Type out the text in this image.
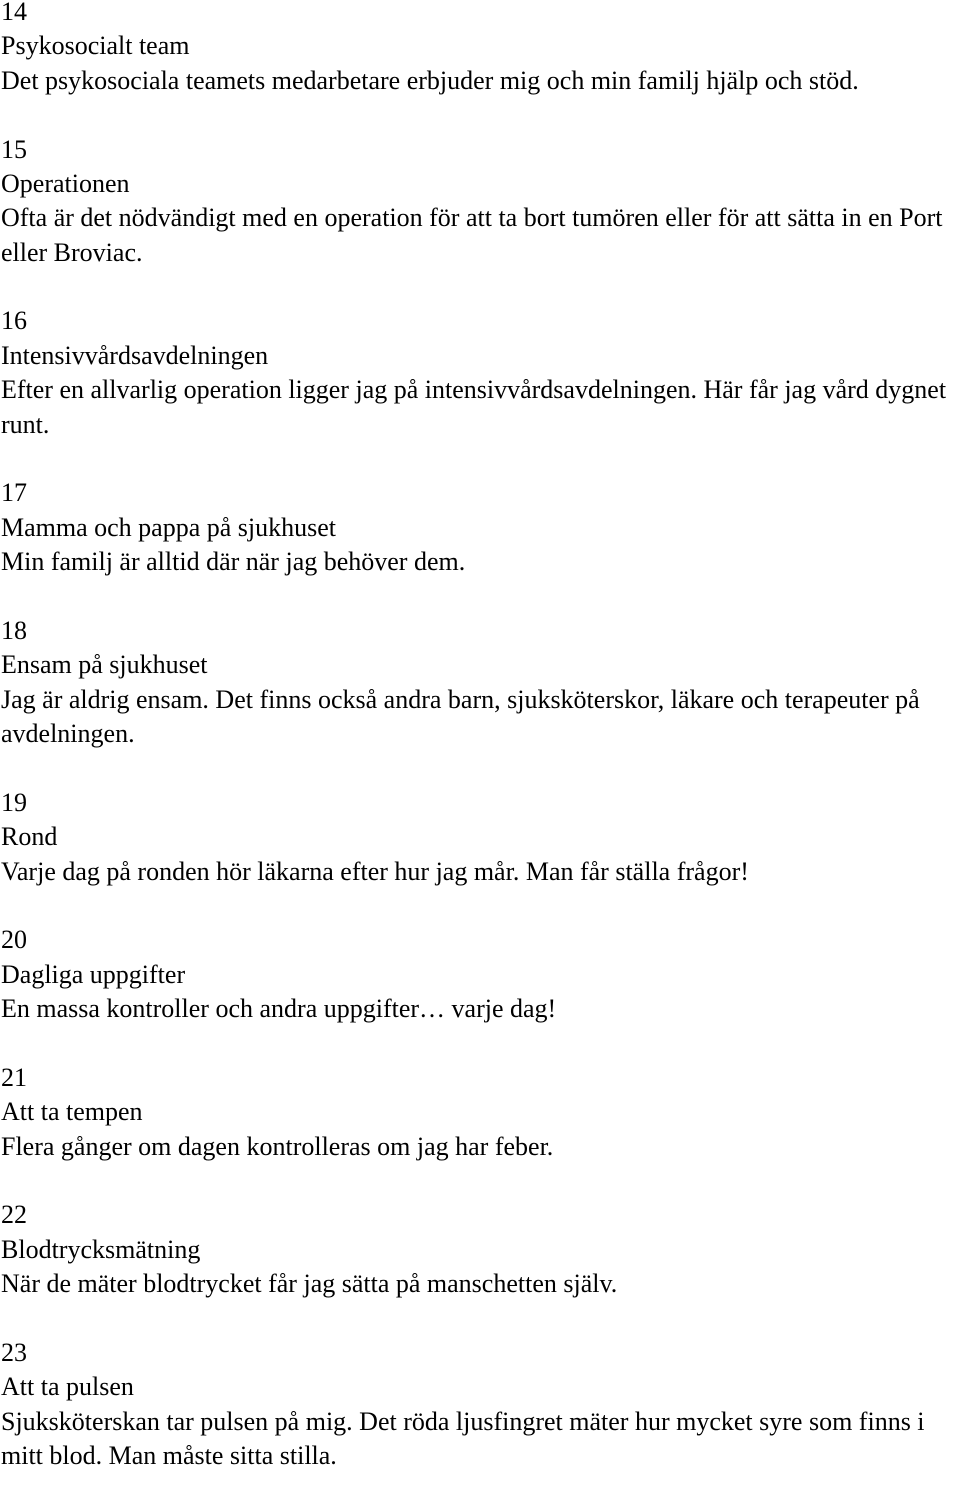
14
Psykosocialt team
Det psykosociala teamets medarbetare erbjuder mig och min familj hjälp och stöd.
15
Operationen
Ofta är det nödvändigt med en operation för att ta bort tumören eller för att sätta in en Port eller Broviac.
16
Intensivvårdsavdelningen
Efter en allvarlig operation ligger jag på intensivvårdsavdelningen. Här får jag vård dygnet runt.
17
Mamma och pappa på sjukhuset
Min familj är alltid där när jag behöver dem.
18
Ensam på sjukhuset
Jag är aldrig ensam. Det finns också andra barn, sjuksköterskor, läkare och terapeuter på avdelningen.
19
Rond
Varje dag på ronden hör läkarna efter hur jag mår. Man får ställa frågor!
20
Dagliga uppgifter
En massa kontroller och andra uppgifter… varje dag!
21
Att ta tempen
Flera gånger om dagen kontrolleras om jag har feber.
22
Blodtrycksmätning
När de mäter blodtrycket får jag sätta på manschetten själv.
23
Att ta pulsen
Sjuksköterskan tar pulsen på mig. Det röda ljusfingret mäter hur mycket syre som finns i mitt blod. Man måste sitta stilla.
